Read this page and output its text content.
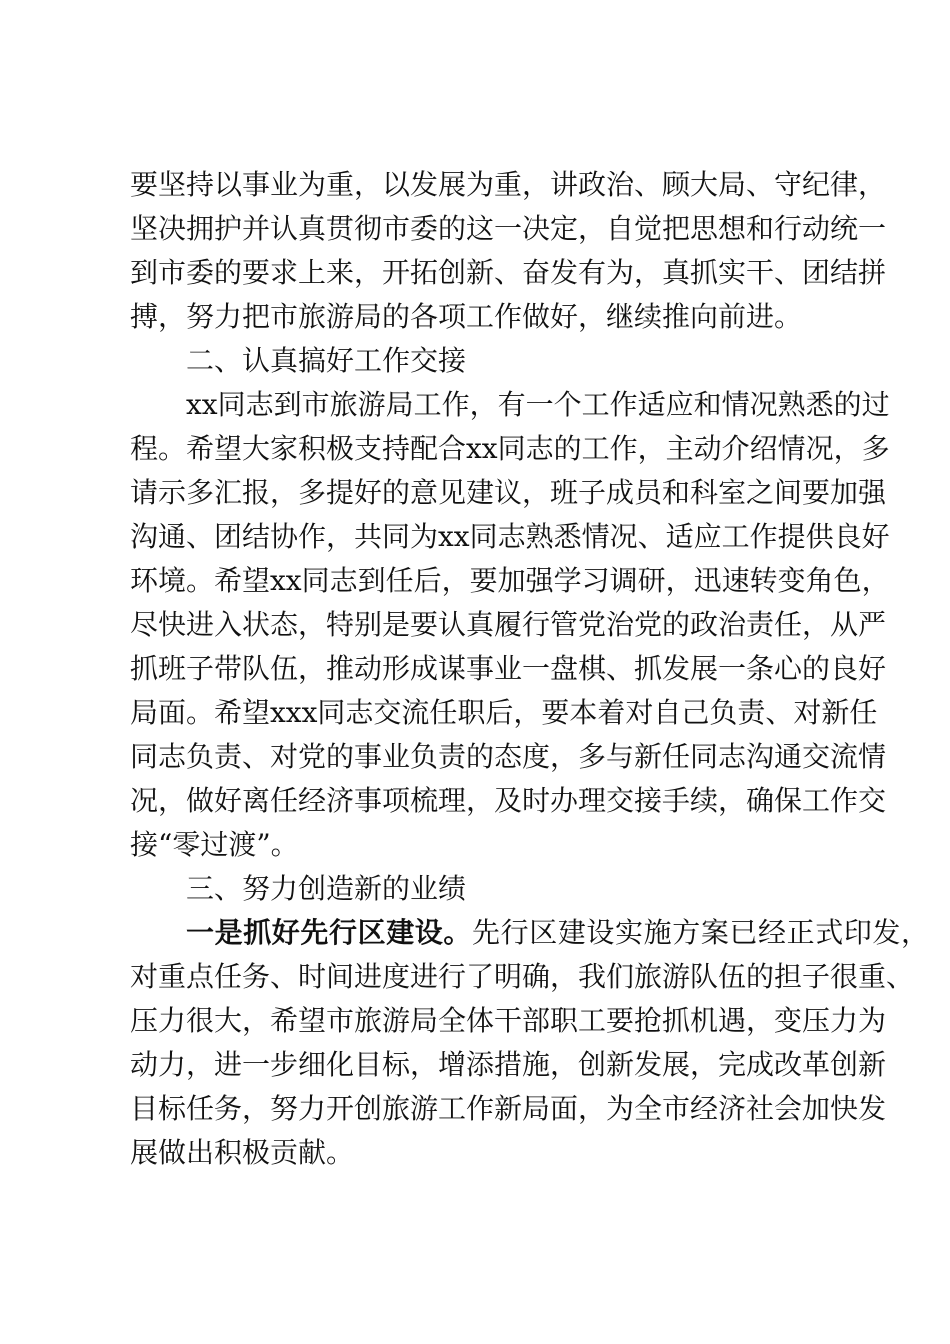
要坚持以事业为重，以发展为重，讲政治、顾大局、守纪律，
坚决拥护并认真贯彻市委的这一决定，自觉把思想和行动统一
到市委的要求上来，开拓创新、奋发有为，真抓实干、团结拼
搏，努力把市旅游局的各项工作做好，继续推向前进。
二、认真搞好工作交接
xx同志到市旅游局工作，有一个工作适应和情况熟悉的过
程。希望大家积极支持配合xx同志的工作，主动介绍情况，多
请示多汇报，多提好的意见建议，班子成员和科室之间要加强
沟通、团结协作，共同为xx同志熟悉情况、适应工作提供良好
环境。希望xx同志到任后，要加强学习调研，迅速转变角色，
尽快进入状态，特别是要认真履行管党治党的政治责任，从严
抓班子带队伍，推动形成谋事业一盘棋、抓发展一条心的良好
局面。希望xxx同志交流任职后，要本着对自己负责、对新任
同志负责、对党的事业负责的态度，多与新任同志沟通交流情
况，做好离任经济事项梳理，及时办理交接手续，确保工作交
接“零过渡”。
三、努力创造新的业绩
一是抓好先行区建设。先行区建设实施方案已经正式印发，
对重点任务、时间进度进行了明确，我们旅游队伍的担子很重、
压力很大，希望市旅游局全体干部职工要抢抓机遇，变压力为
动力，进一步细化目标，增添措施，创新发展，完成改革创新
目标任务，努力开创旅游工作新局面，为全市经济社会加快发
展做出积极贡献。
